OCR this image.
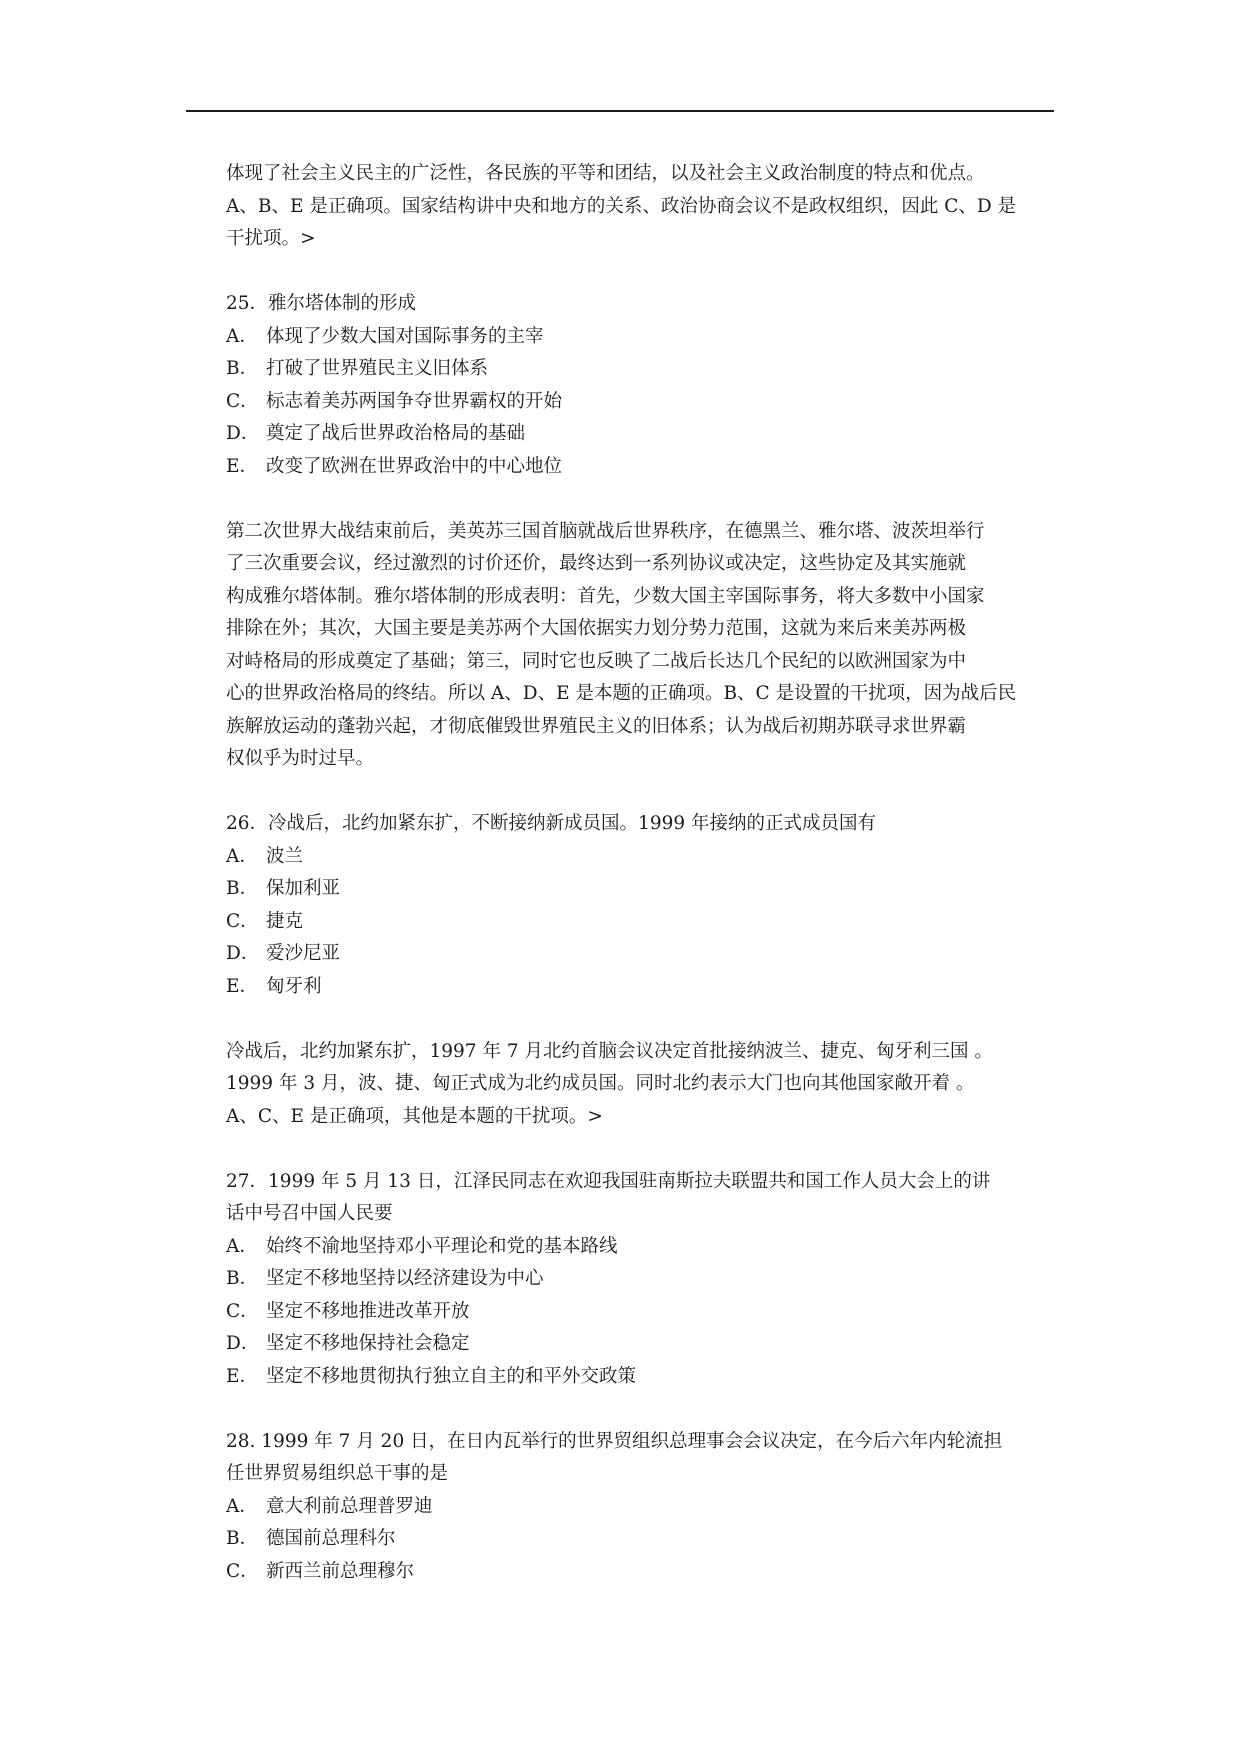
体现了社会主义民主的广泛性，各民族的平等和团结，以及社会主义政治制度的特点和优点。
A、B、E 是正确项。国家结构讲中央和地方的关系、政治协商会议不是政权组织，因此 C、D 是
干扰项。>
25．雅尔塔体制的形成
A． 体现了少数大国对国际事务的主宰
B． 打破了世界殖民主义旧体系
C． 标志着美苏两国争夺世界霸权的开始
D． 奠定了战后世界政治格局的基础
E． 改变了欧洲在世界政治中的中心地位
第二次世界大战结束前后，美英苏三国首脑就战后世界秩序，在德黑兰、雅尔塔、波茨坦举行
了三次重要会议，经过激烈的讨价还价，最终达到一系列协议或决定，这些协定及其实施就
构成雅尔塔体制。雅尔塔体制的形成表明：首先，少数大国主宰国际事务，将大多数中小国家
排除在外；其次，大国主要是美苏两个大国依据实力划分势力范围，这就为来后来美苏两极
对峙格局的形成奠定了基础；第三，同时它也反映了二战后长达几个民纪的以欧洲国家为中
心的世界政治格局的终结。所以 A、D、E 是本题的正确项。B、C 是设置的干扰项，因为战后民
族解放运动的蓬勃兴起，才彻底催毁世界殖民主义的旧体系；认为战后初期苏联寻求世界霸
权似乎为时过早。
26．冷战后，北约加紧东扩，不断接纳新成员国。1999 年接纳的正式成员国有
A． 波兰
B． 保加利亚
C． 捷克
D． 爱沙尼亚
E． 匈牙利
冷战后，北约加紧东扩，1997 年 7 月北约首脑会议决定首批接纳波兰、捷克、匈牙利三国 。
1999 年 3 月，波、捷、匈正式成为北约成员国。同时北约表示大门也向其他国家敞开着 。
A、C、E 是正确项，其他是本题的干扰项。>
27．1999 年 5 月 13 日，江泽民同志在欢迎我国驻南斯拉夫联盟共和国工作人员大会上的讲
话中号召中国人民要
A． 始终不渝地坚持邓小平理论和党的基本路线
B． 坚定不移地坚持以经济建设为中心
C． 坚定不移地推进改革开放
D． 坚定不移地保持社会稳定
E． 坚定不移地贯彻执行独立自主的和平外交政策
28. 1999 年 7 月 20 日，在日内瓦举行的世界贸组织总理事会会议决定，在今后六年内轮流担
任世界贸易组织总干事的是
A． 意大利前总理普罗迪
B． 德国前总理科尔
C． 新西兰前总理穆尔
